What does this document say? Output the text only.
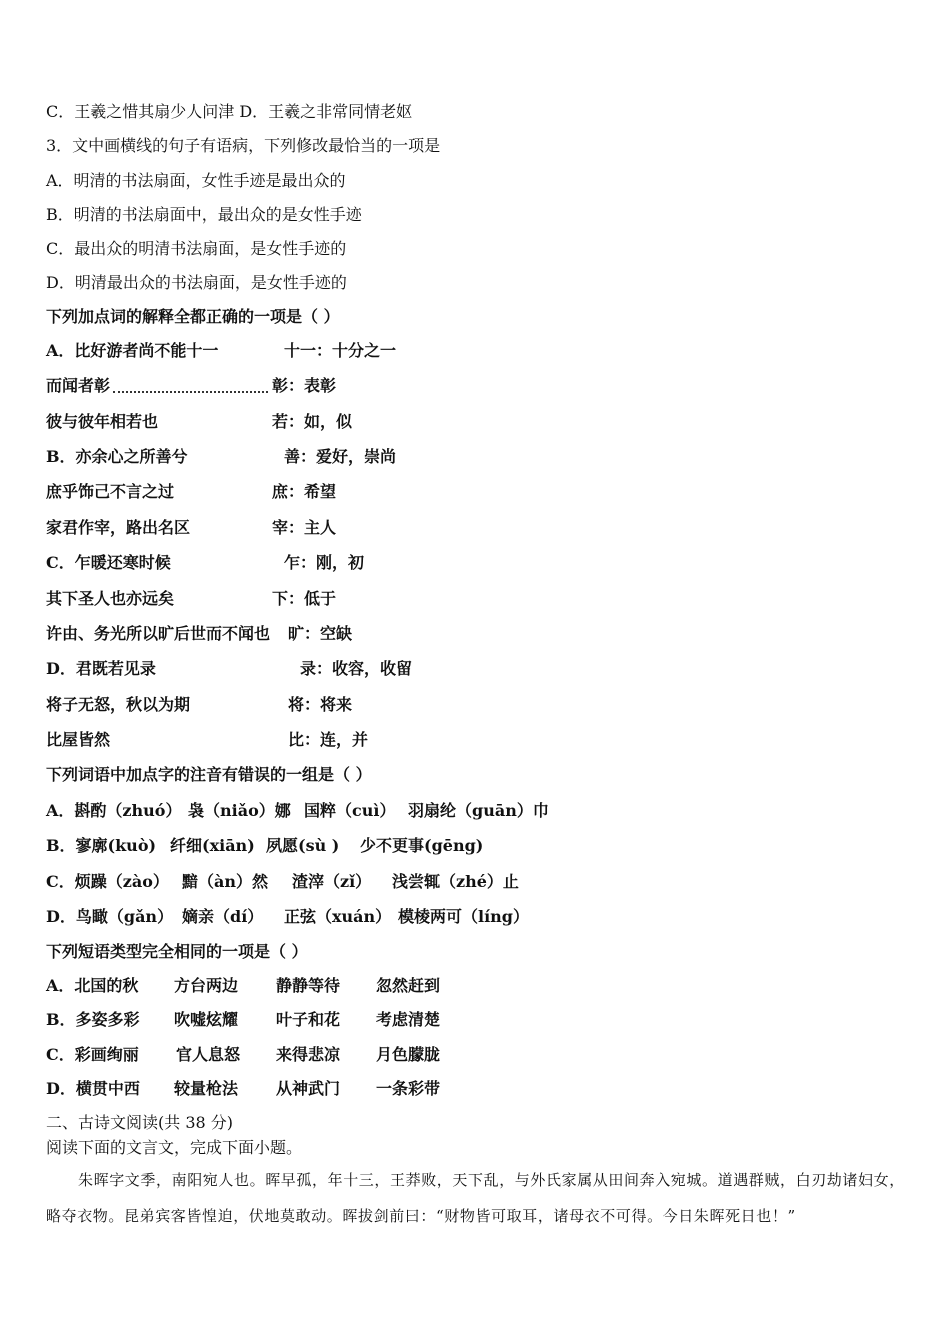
C．王羲之惜其扇少人问津 D．王羲之非常同情老妪
3．文中画横线的句子有语病，下列修改最恰当的一项是
A．明清的书法扇面，女性手迹是最出众的
B．明清的书法扇面中，最出众的是女性手迹
C．最出众的明清书法扇面，是女性手迹的
D．明清最出众的书法扇面，是女性手迹的
下列加点词的解释全都正确的一项是（ ）
A．比好游者尚不能十一	十一：十分之一
而闻者彰	彰：表彰
彼与彼年相若也	若：如，似
B．亦余心之所善兮	善：爱好，崇尚
庶乎饰己不言之过	庶：希望
家君作宰，路出名区	宰：主人
C．乍暖还寒时候	乍：刚，初
其下圣人也亦远矣	下：低于
许由、务光所以旷后世而不闻也 旷：空缺
D．君既若见录	录：收容，收留
将子无怒，秋以为期	将：将来
比屋皆然	比：连，并
下列词语中加点字的注音有错误的一组是（ ）
A．斟酌（zhuó） 袅（niǎo）娜 国粹（cuì） 羽扇纶（guān）巾
B．寥廓(kuò) 纤细(xiān) 夙愿(sù ) 少不更事(gēng)
C．烦躁（zào） 黯（àn）然 渣滓（zǐ） 浅尝辄（zhé）止
D．鸟瞰（gǎn） 嫡亲（dí） 正弦（xuán） 模棱两可（líng）
下列短语类型完全相同的一项是（ ）
A．北国的秋 方台两边 静静等待 忽然赶到
B．多姿多彩 吹嘘炫耀 叶子和花 考虑清楚
C．彩画绚丽 官人息怒 来得悲凉 月色朦胧
D．横贯中西 较量枪法 从神武门 一条彩带
二、古诗文阅读(共 38 分)
阅读下面的文言文，完成下面小题。

朱晖字文季，南阳宛人也。晖早孤，年十三，王莽败，天下乱，与外氏家属从田间奔入宛城。道遇群贼，白刃劫诸妇女，略夺衣物。昆弟宾客皆惶迫，伏地莫敢动。晖拔剑前曰：“财物皆可取耳，诸母衣不可得。今日朱晖死日也！”
